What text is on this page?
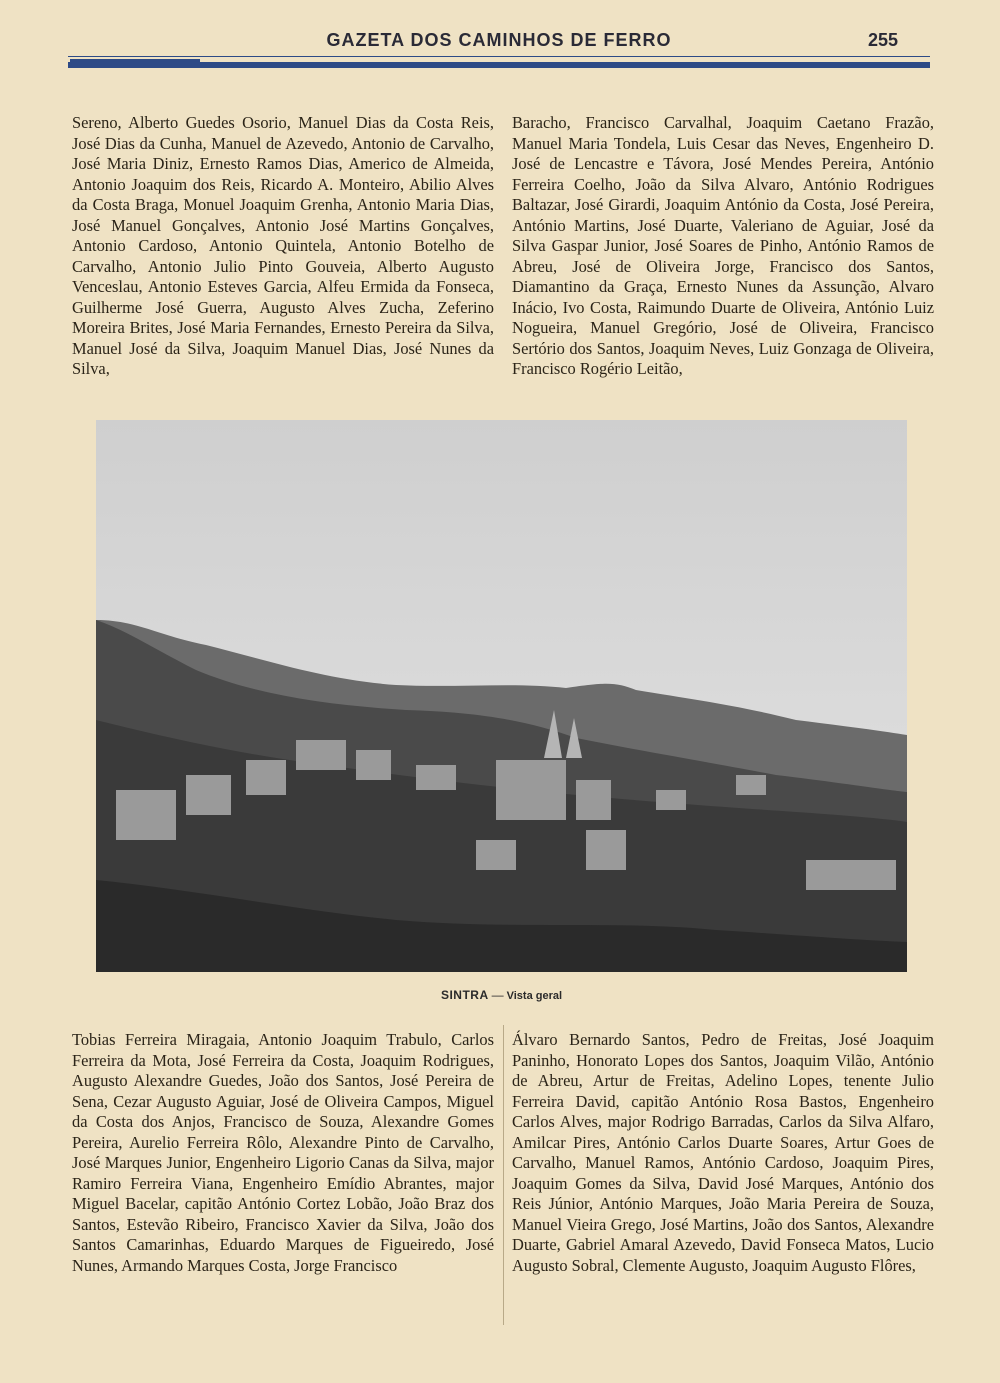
GAZETA DOS CAMINHOS DE FERRO	255

Sereno, Alberto Guedes Osorio, Manuel Dias da Costa Reis, José Dias da Cunha, Manuel de Azevedo, Antonio de Carvalho, José Maria Diniz, Ernesto Ramos Dias, Americo de Almeida, Antonio Joaquim dos Reis, Ricardo A. Monteiro, Abilio Alves da Costa Braga, Monuel Joaquim Grenha, Antonio Maria Dias, José Manuel Gonçalves, Antonio José Martins Gonçalves, Antonio Cardoso, Antonio Quintela, Antonio Botelho de Carvalho, Antonio Julio Pinto Gouveia, Alberto Augusto Venceslau, Antonio Esteves Garcia, Alfeu Ermida da Fonseca, Guilherme José Guerra, Augusto Alves Zucha, Zeferino Moreira Brites, José Maria Fernandes, Ernesto Pereira da Silva, Manuel José da Silva, Joaquim Manuel Dias, José Nunes da Silva,

Baracho, Francisco Carvalhal, Joaquim Caetano Frazão, Manuel Maria Tondela, Luis Cesar das Neves, Engenheiro D. José de Lencastre e Távora, José Mendes Pereira, António Ferreira Coelho, João da Silva Alvaro, António Rodrigues Baltazar, José Girardi, Joaquim António da Costa, José Pereira, António Martins, José Duarte, Valeriano de Aguiar, José da Silva Gaspar Junior, José Soares de Pinho, António Ramos de Abreu, José de Oliveira Jorge, Francisco dos Santos, Diamantino da Graça, Ernesto Nunes da Assunção, Alvaro Inácio, Ivo Costa, Raimundo Duarte de Oliveira, António Luiz Nogueira, Manuel Gregório, José de Oliveira, Francisco Sertório dos Santos, Joaquim Neves, Luiz Gonzaga de Oliveira, Francisco Rogério Leitão,

SINTRA — Vista geral

Tobias Ferreira Miragaia, Antonio Joaquim Trabulo, Carlos Ferreira da Mota, José Ferreira da Costa, Joaquim Rodrigues, Augusto Alexandre Guedes, João dos Santos, José Pereira de Sena, Cezar Augusto Aguiar, José de Oliveira Campos, Miguel da Costa dos Anjos, Francisco de Souza, Alexandre Gomes Pereira, Aurelio Ferreira Rôlo, Alexandre Pinto de Carvalho, José Marques Junior, Engenheiro Ligorio Canas da Silva, major Ramiro Ferreira Viana, Engenheiro Emídio Abrantes, major Miguel Bacelar, capitão António Cortez Lobão, João Braz dos Santos, Estevão Ribeiro, Francisco Xavier da Silva, João dos Santos Camarinhas, Eduardo Marques de Figueiredo, José Nunes, Armando Marques Costa, Jorge Francisco

Álvaro Bernardo Santos, Pedro de Freitas, José Joaquim Paninho, Honorato Lopes dos Santos, Joaquim Vilão, António de Abreu, Artur de Freitas, Adelino Lopes, tenente Julio Ferreira David, capitão António Rosa Bastos, Engenheiro Carlos Alves, major Rodrigo Barradas, Carlos da Silva Alfaro, Amilcar Pires, António Carlos Duarte Soares, Artur Goes de Carvalho, Manuel Ramos, António Cardoso, Joaquim Pires, Joaquim Gomes da Silva, David José Marques, António dos Reis Júnior, António Marques, João Maria Pereira de Souza, Manuel Vieira Grego, José Martins, João dos Santos, Alexandre Duarte, Gabriel Amaral Azevedo, David Fonseca Matos, Lucio Augusto Sobral, Clemente Augusto, Joaquim Augusto Flôres,
